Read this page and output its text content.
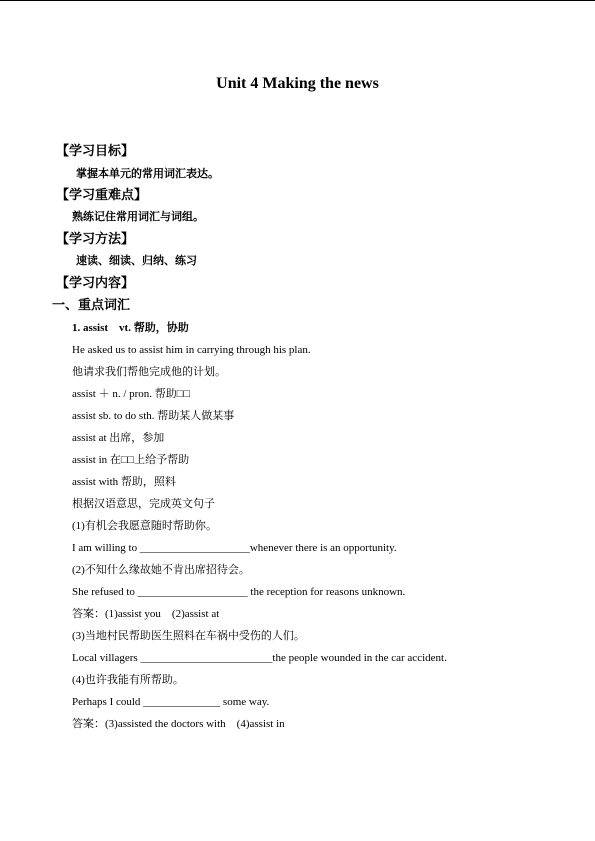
Unit 4 Making the news
【学习目标】
掌握本单元的常用词汇表达。
【学习重难点】
熟练记住常用词汇与词组。
【学习方法】
速读、细读、归纳、练习
【学习内容】
一、重点词汇
1. assist　vt. 帮助，协助
He asked us to assist him in carrying through his plan.
他请求我们帮他完成他的计划。
assist ＋ n. / pron. 帮助□□
assist sb. to do sth. 帮助某人做某事
assist at 出席，参加
assist in 在□□上给予帮助
assist with 帮助，照料
根据汉语意思，完成英文句子
(1)有机会我愿意随时帮助你。
I am willing to ____________________whenever there is an opportunity.
(2)不知什么缘故她不肯出席招待会。
She refused to ____________________ the reception for reasons unknown.
答案：(1)assist you　(2)assist at
(3)当地村民帮助医生照料在车祸中受伤的人们。
Local villagers ________________________the people wounded in the car accident.
(4)也许我能有所帮助。
Perhaps I could ______________ some way.
答案：(3)assisted the doctors with　(4)assist in
